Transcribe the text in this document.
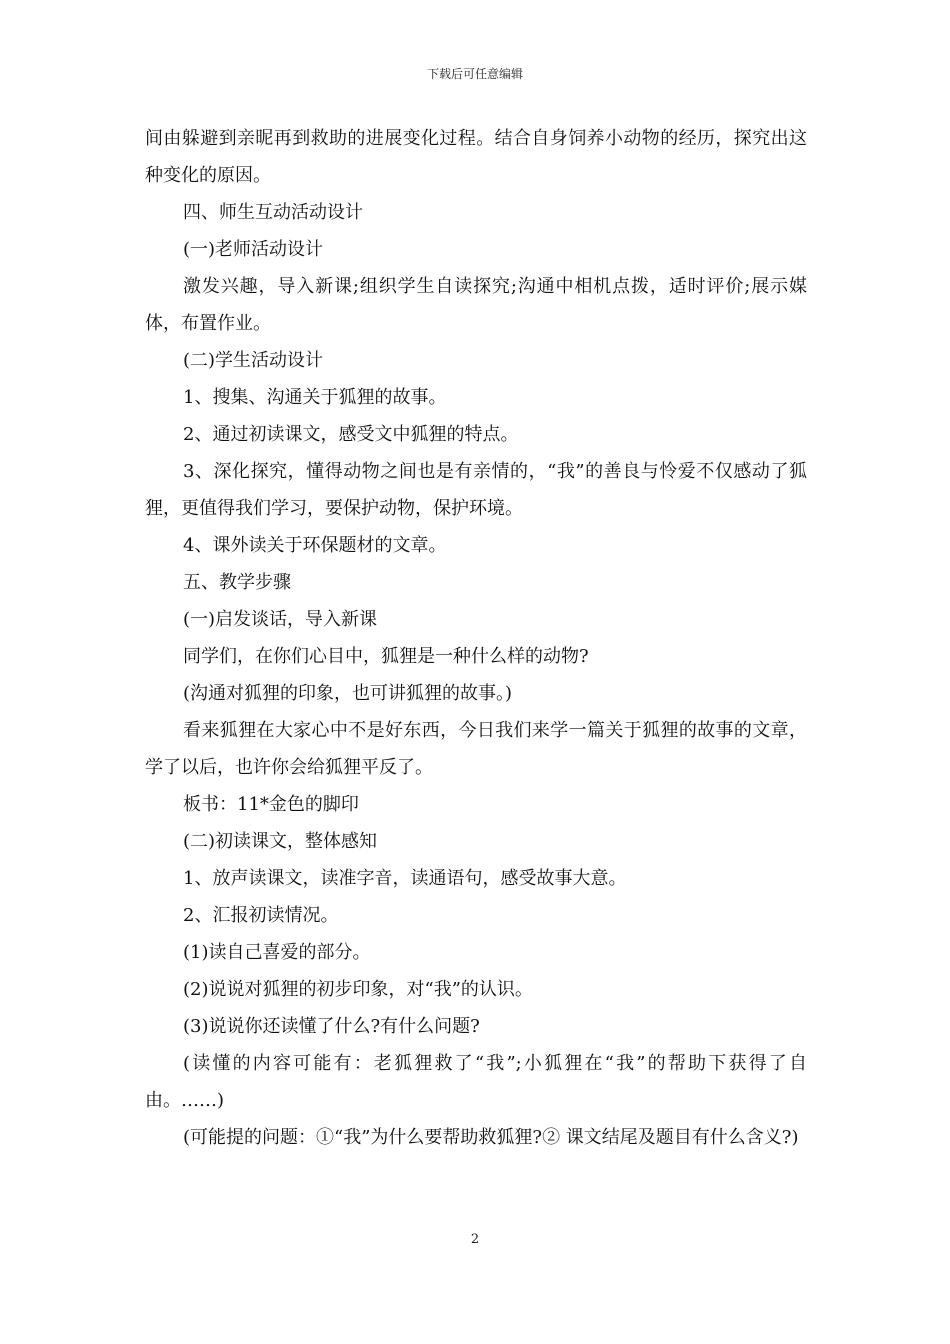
下载后可任意编辑

间由躲避到亲昵再到救助的进展变化过程。结合自身饲养小动物的经历，探究出这种变化的原因。

四、师生互动活动设计

(一)老师活动设计

激发兴趣，导入新课;组织学生自读探究;沟通中相机点拨，适时评价;展示媒体，布置作业。

(二)学生活动设计

1、搜集、沟通关于狐狸的故事。

2、通过初读课文，感受文中狐狸的特点。

3、深化探究，懂得动物之间也是有亲情的，“我”的善良与怜爱不仅感动了狐狸，更值得我们学习，要保护动物，保护环境。

4、课外读关于环保题材的文章。

五、教学步骤

(一)启发谈话，导入新课

同学们，在你们心目中，狐狸是一种什么样的动物?

(沟通对狐狸的印象，也可讲狐狸的故事。)

看来狐狸在大家心中不是好东西，今日我们来学一篇关于狐狸的故事的文章，学了以后，也许你会给狐狸平反了。

板书：11*金色的脚印

(二)初读课文，整体感知

1、放声读课文，读准字音，读通语句，感受故事大意。

2、汇报初读情况。

(1)读自己喜爱的部分。

(2)说说对狐狸的初步印象，对“我”的认识。

(3)说说你还读懂了什么?有什么问题?

(读懂的内容可能有：老狐狸救了“我”;小狐狸在“我”的帮助下获得了自由。……)

(可能提的问题：①“我”为什么要帮助救狐狸?② 课文结尾及题目有什么含义?)

2
